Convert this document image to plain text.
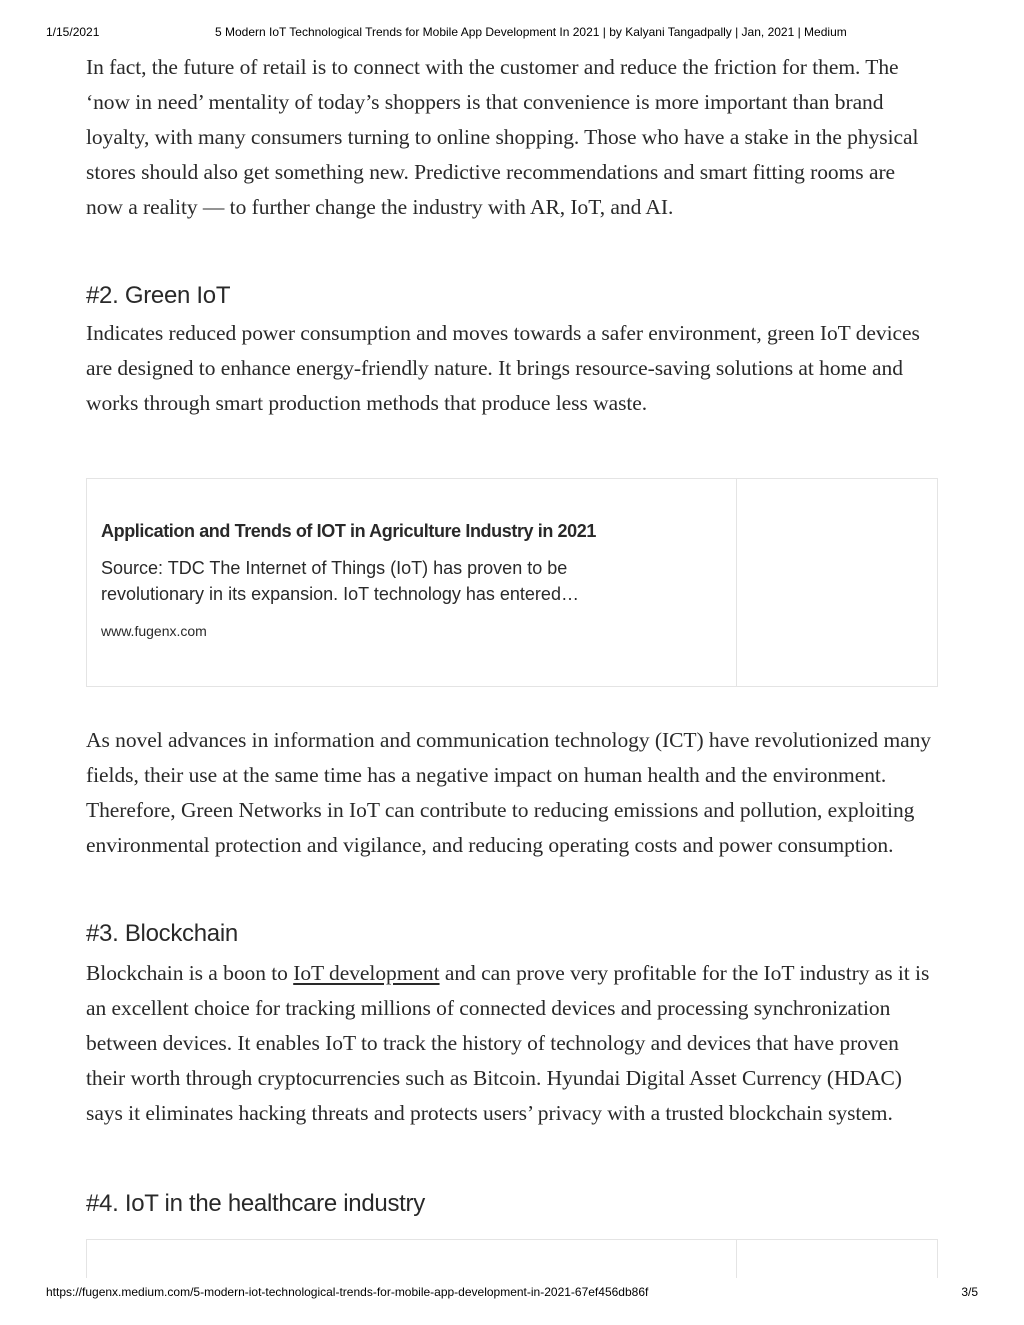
1/15/2021	5 Modern IoT Technological Trends for Mobile App Development In 2021 | by Kalyani Tangadpally | Jan, 2021 | Medium

In fact, the future of retail is to connect with the customer and reduce the friction for them. The ‘now in need’ mentality of today’s shoppers is that convenience is more important than brand loyalty, with many consumers turning to online shopping. Those who have a stake in the physical stores should also get something new. Predictive recommendations and smart fitting rooms are now a reality — to further change the industry with AR, IoT, and AI.

#2. Green IoT

Indicates reduced power consumption and moves towards a safer environment, green IoT devices are designed to enhance energy-friendly nature. It brings resource-saving solutions at home and works through smart production methods that produce less waste.

Application and Trends of IOT in Agriculture Industry in 2021
Source: TDC The Internet of Things (IoT) has proven to be revolutionary in its expansion. IoT technology has entered…
www.fugenx.com

As novel advances in information and communication technology (ICT) have revolutionized many fields, their use at the same time has a negative impact on human health and the environment. Therefore, Green Networks in IoT can contribute to reducing emissions and pollution, exploiting environmental protection and vigilance, and reducing operating costs and power consumption.

#3. Blockchain

Blockchain is a boon to IoT development and can prove very profitable for the IoT industry as it is an excellent choice for tracking millions of connected devices and processing synchronization between devices. It enables IoT to track the history of technology and devices that have proven their worth through cryptocurrencies such as Bitcoin. Hyundai Digital Asset Currency (HDAC) says it eliminates hacking threats and protects users’ privacy with a trusted blockchain system.

#4. IoT in the healthcare industry
https://fugenx.medium.com/5-modern-iot-technological-trends-for-mobile-app-development-in-2021-67ef456db86f	3/5
